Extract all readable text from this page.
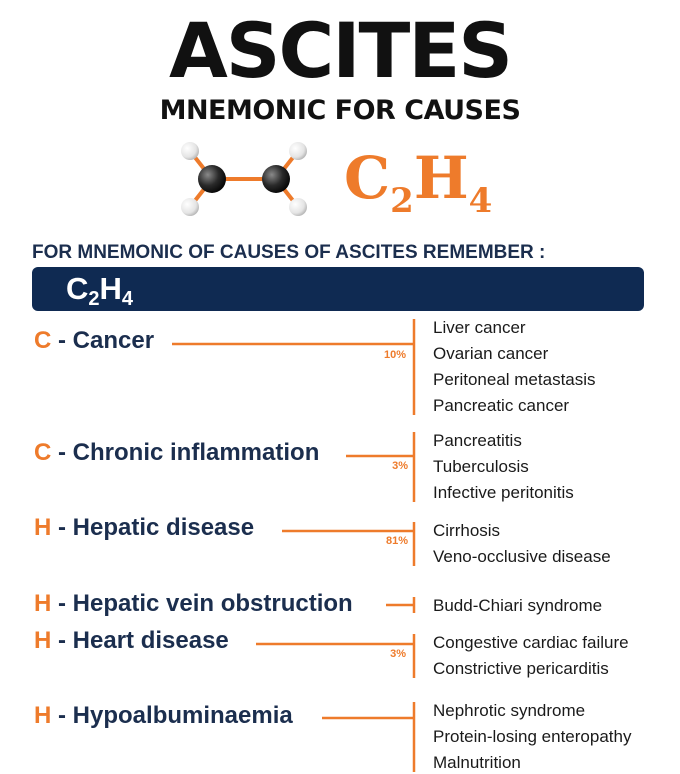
ASCITES
MNEMONIC FOR CAUSES
$C_2H_4$
FOR MNEMONIC OF CAUSES OF ASCITES REMEMBER :
$C_2H_4$
C - Cancer	Liver cancer
Ovarian cancer
Peritoneal metastasis
Pancreatic cancer
10%
C - Chronic inflammation	Pancreatitis
Tuberculosis
Infective peritonitis
3%
H - Hepatic disease	Cirrhosis
Veno-occlusive disease
81%
H - Hepatic vein obstruction	Budd-Chiari syndrome
H - Heart disease	Congestive cardiac failure
Constrictive pericarditis
3%
H - Hypoalbuminaemia	Nephrotic syndrome
Protein-losing enteropathy
Malnutrition
